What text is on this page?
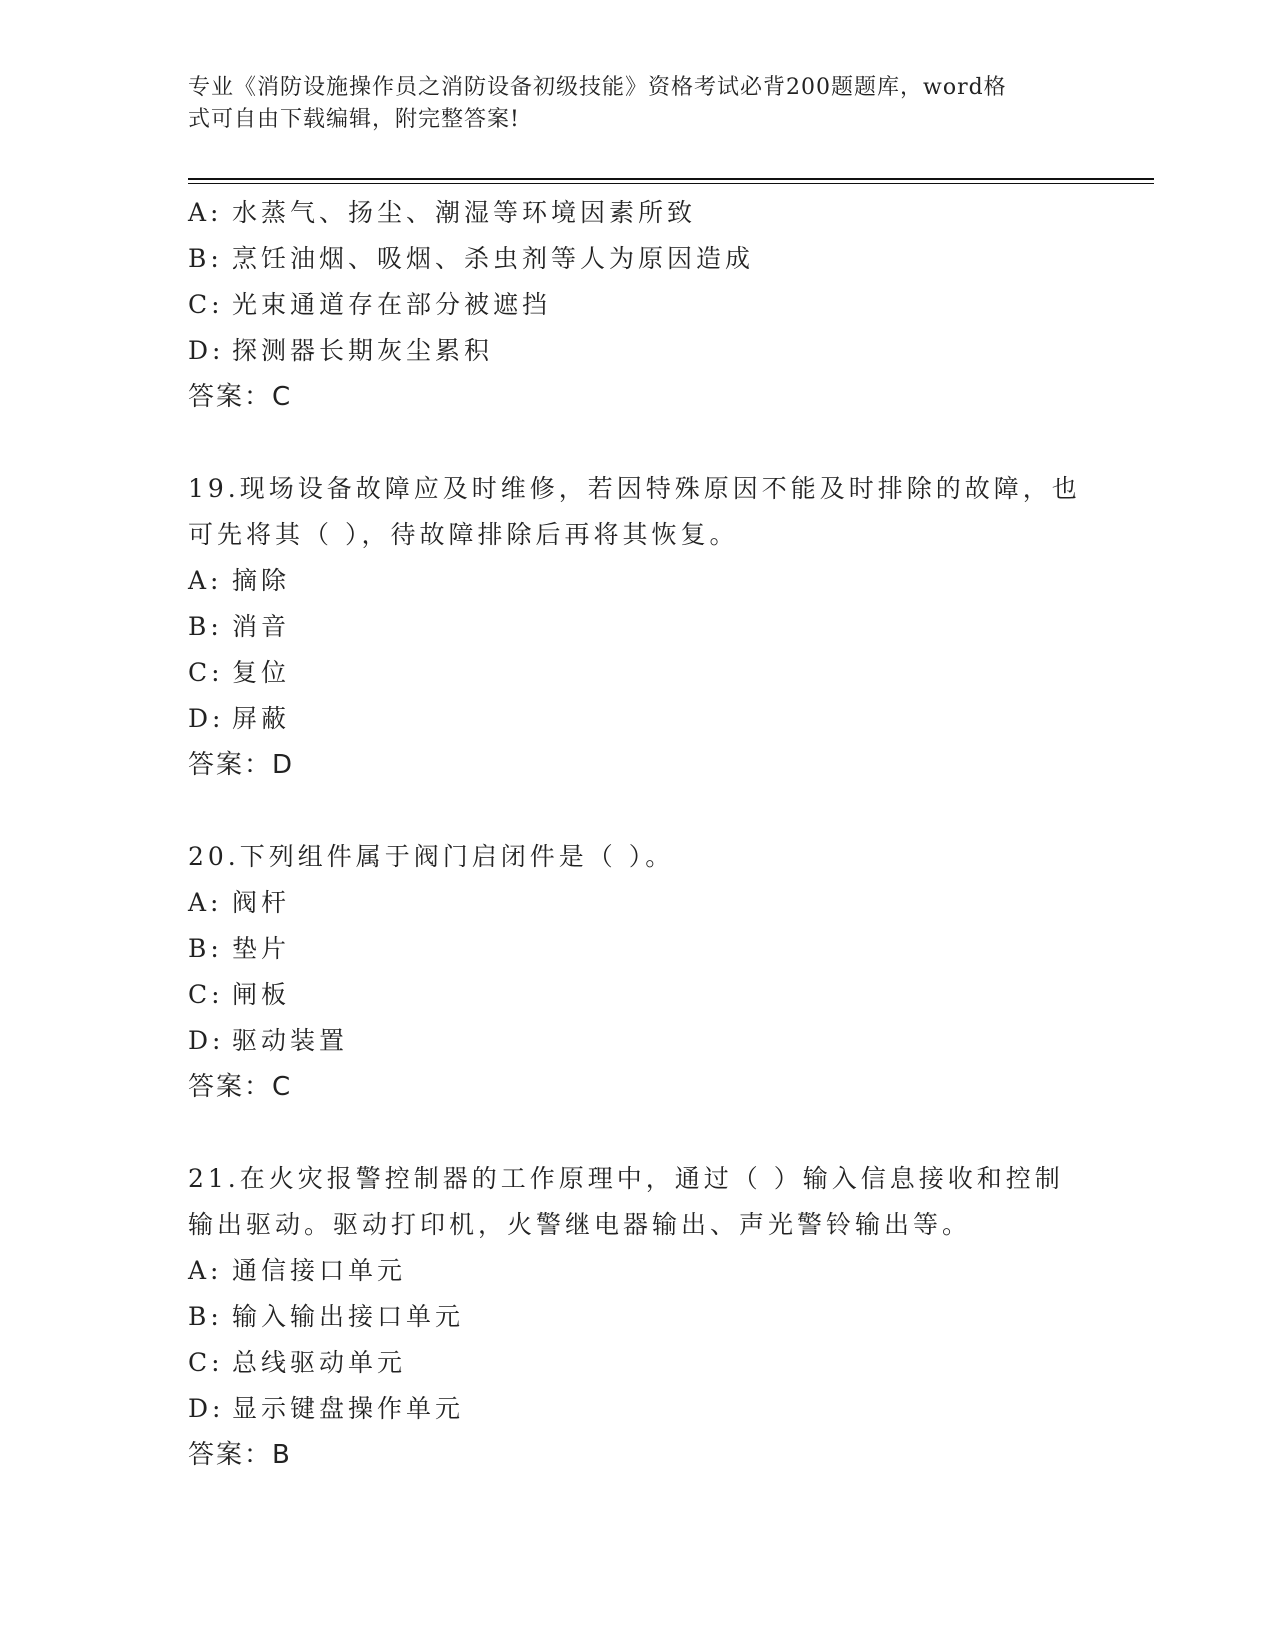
专业《消防设施操作员之消防设备初级技能》资格考试必背200题题库，word格
式可自由下载编辑，附完整答案!
A: 水蒸气、扬尘、潮湿等环境因素所致
B: 烹饪油烟、吸烟、杀虫剂等人为原因造成
C: 光束通道存在部分被遮挡
D: 探测器长期灰尘累积
答案：C
19.现场设备故障应及时维修，若因特殊原因不能及时排除的故障，也
可先将其（ ），待故障排除后再将其恢复。
A: 摘除
B: 消音
C: 复位
D: 屏蔽
答案：D
20.下列组件属于阀门启闭件是（ ）。
A: 阀杆
B: 垫片
C: 闸板
D: 驱动装置
答案：C
21.在火灾报警控制器的工作原理中，通过（ ）输入信息接收和控制
输出驱动。驱动打印机，火警继电器输出、声光警铃输出等。
A: 通信接口单元
B: 输入输出接口单元
C: 总线驱动单元
D: 显示键盘操作单元
答案：B
